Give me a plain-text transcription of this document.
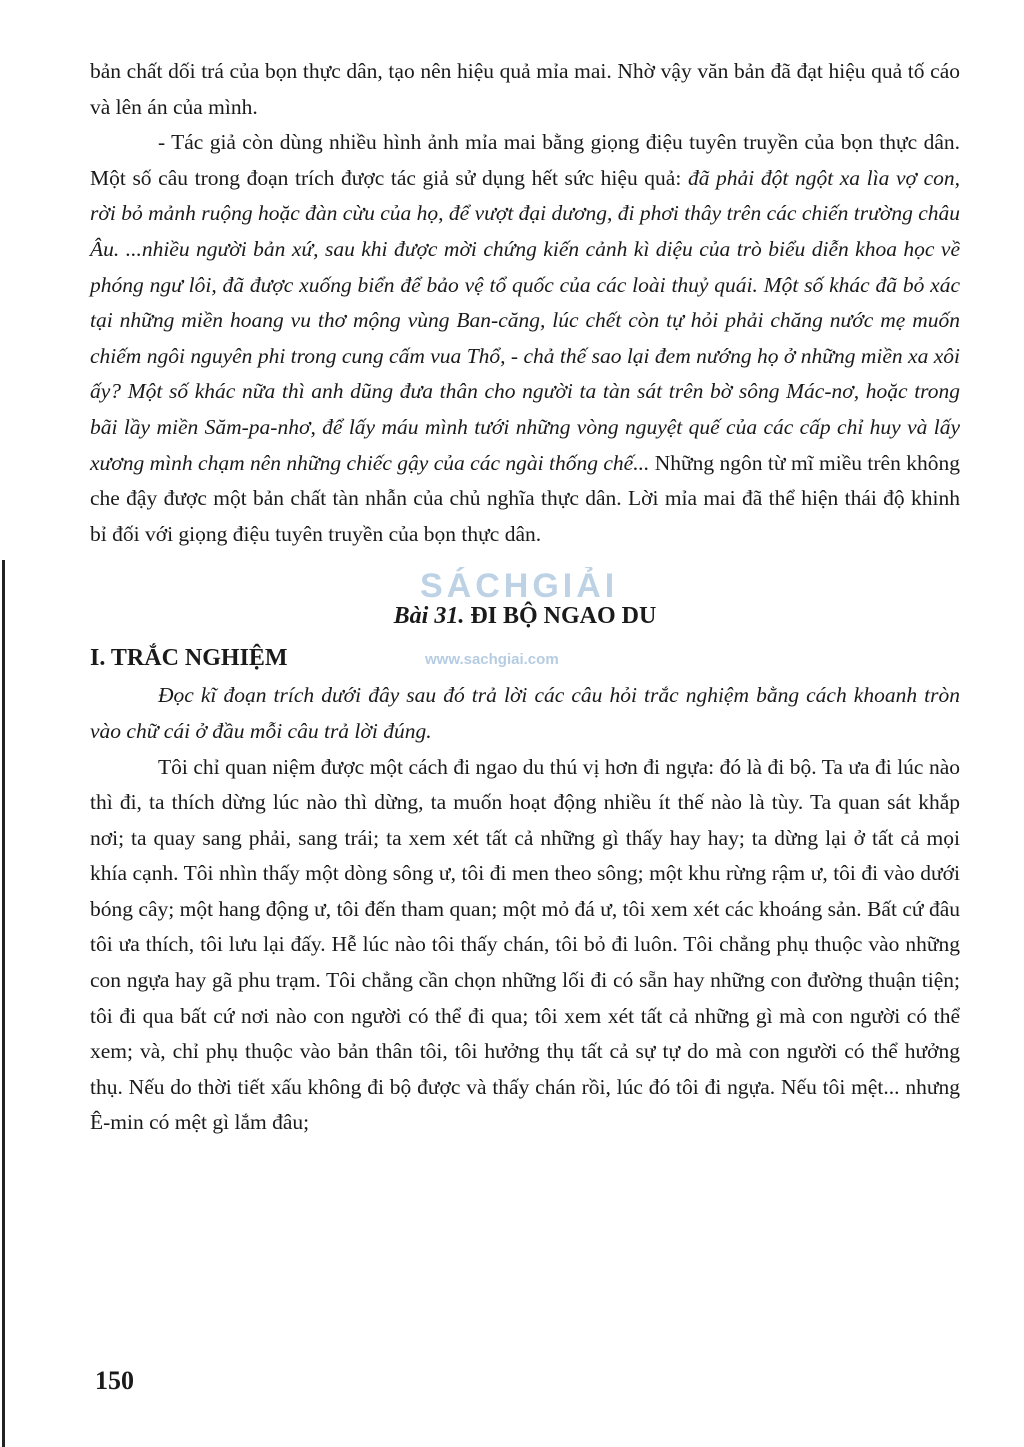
bản chất dối trá của bọn thực dân, tạo nên hiệu quả mỉa mai. Nhờ vậy văn bản đã đạt hiệu quả tố cáo và lên án của mình.

- Tác giả còn dùng nhiều hình ảnh mỉa mai bằng giọng điệu tuyên truyền của bọn thực dân. Một số câu trong đoạn trích được tác giả sử dụng hết sức hiệu quả: đã phải đột ngột xa lìa vợ con, rời bỏ mảnh ruộng hoặc đàn cừu của họ, để vượt đại dương, đi phơi thây trên các chiến trường châu Âu. ...nhiều người bản xứ, sau khi được mời chứng kiến cảnh kì diệu của trò biểu diễn khoa học về phóng ngư lôi, đã được xuống biển để bảo vệ tổ quốc của các loài thuỷ quái. Một số khác đã bỏ xác tại những miền hoang vu thơ mộng vùng Ban-căng, lúc chết còn tự hỏi phải chăng nước mẹ muốn chiếm ngôi nguyên phi trong cung cấm vua Thổ, - chả thế sao lại đem nướng họ ở những miền xa xôi ấy? Một số khác nữa thì anh dũng đưa thân cho người ta tàn sát trên bờ sông Mác-nơ, hoặc trong bãi lầy miền Săm-pa-nhơ, để lấy máu mình tưới những vòng nguyệt quế của các cấp chỉ huy và lấy xương mình chạm nên những chiếc gậy của các ngài thống chế... Những ngôn từ mĩ miều trên không che đậy được một bản chất tàn nhẫn của chủ nghĩa thực dân. Lời mỉa mai đã thể hiện thái độ khinh bỉ đối với giọng điệu tuyên truyền của bọn thực dân.

SÁCHGIẢI
Bài 31. ĐI BỘ NGAO DU

I. TRẮC NGHIỆM	www.sachgiai.com

Đọc kĩ đoạn trích dưới đây sau đó trả lời các câu hỏi trắc nghiệm bằng cách khoanh tròn vào chữ cái ở đầu mỗi câu trả lời đúng.

Tôi chỉ quan niệm được một cách đi ngao du thú vị hơn đi ngựa: đó là đi bộ. Ta ưa đi lúc nào thì đi, ta thích dừng lúc nào thì dừng, ta muốn hoạt động nhiều ít thế nào là tùy. Ta quan sát khắp nơi; ta quay sang phải, sang trái; ta xem xét tất cả những gì thấy hay hay; ta dừng lại ở tất cả mọi khía cạnh. Tôi nhìn thấy một dòng sông ư, tôi đi men theo sông; một khu rừng rậm ư, tôi đi vào dưới bóng cây; một hang động ư, tôi đến tham quan; một mỏ đá ư, tôi xem xét các khoáng sản. Bất cứ đâu tôi ưa thích, tôi lưu lại đấy. Hễ lúc nào tôi thấy chán, tôi bỏ đi luôn. Tôi chẳng phụ thuộc vào những con ngựa hay gã phu trạm. Tôi chẳng cần chọn những lối đi có sẵn hay những con đường thuận tiện; tôi đi qua bất cứ nơi nào con người có thể đi qua; tôi xem xét tất cả những gì mà con người có thể xem; và, chỉ phụ thuộc vào bản thân tôi, tôi hưởng thụ tất cả sự tự do mà con người có thể hưởng thụ. Nếu do thời tiết xấu không đi bộ được và thấy chán rồi, lúc đó tôi đi ngựa. Nếu tôi mệt... nhưng Ê-min có mệt gì lắm đâu;

150
